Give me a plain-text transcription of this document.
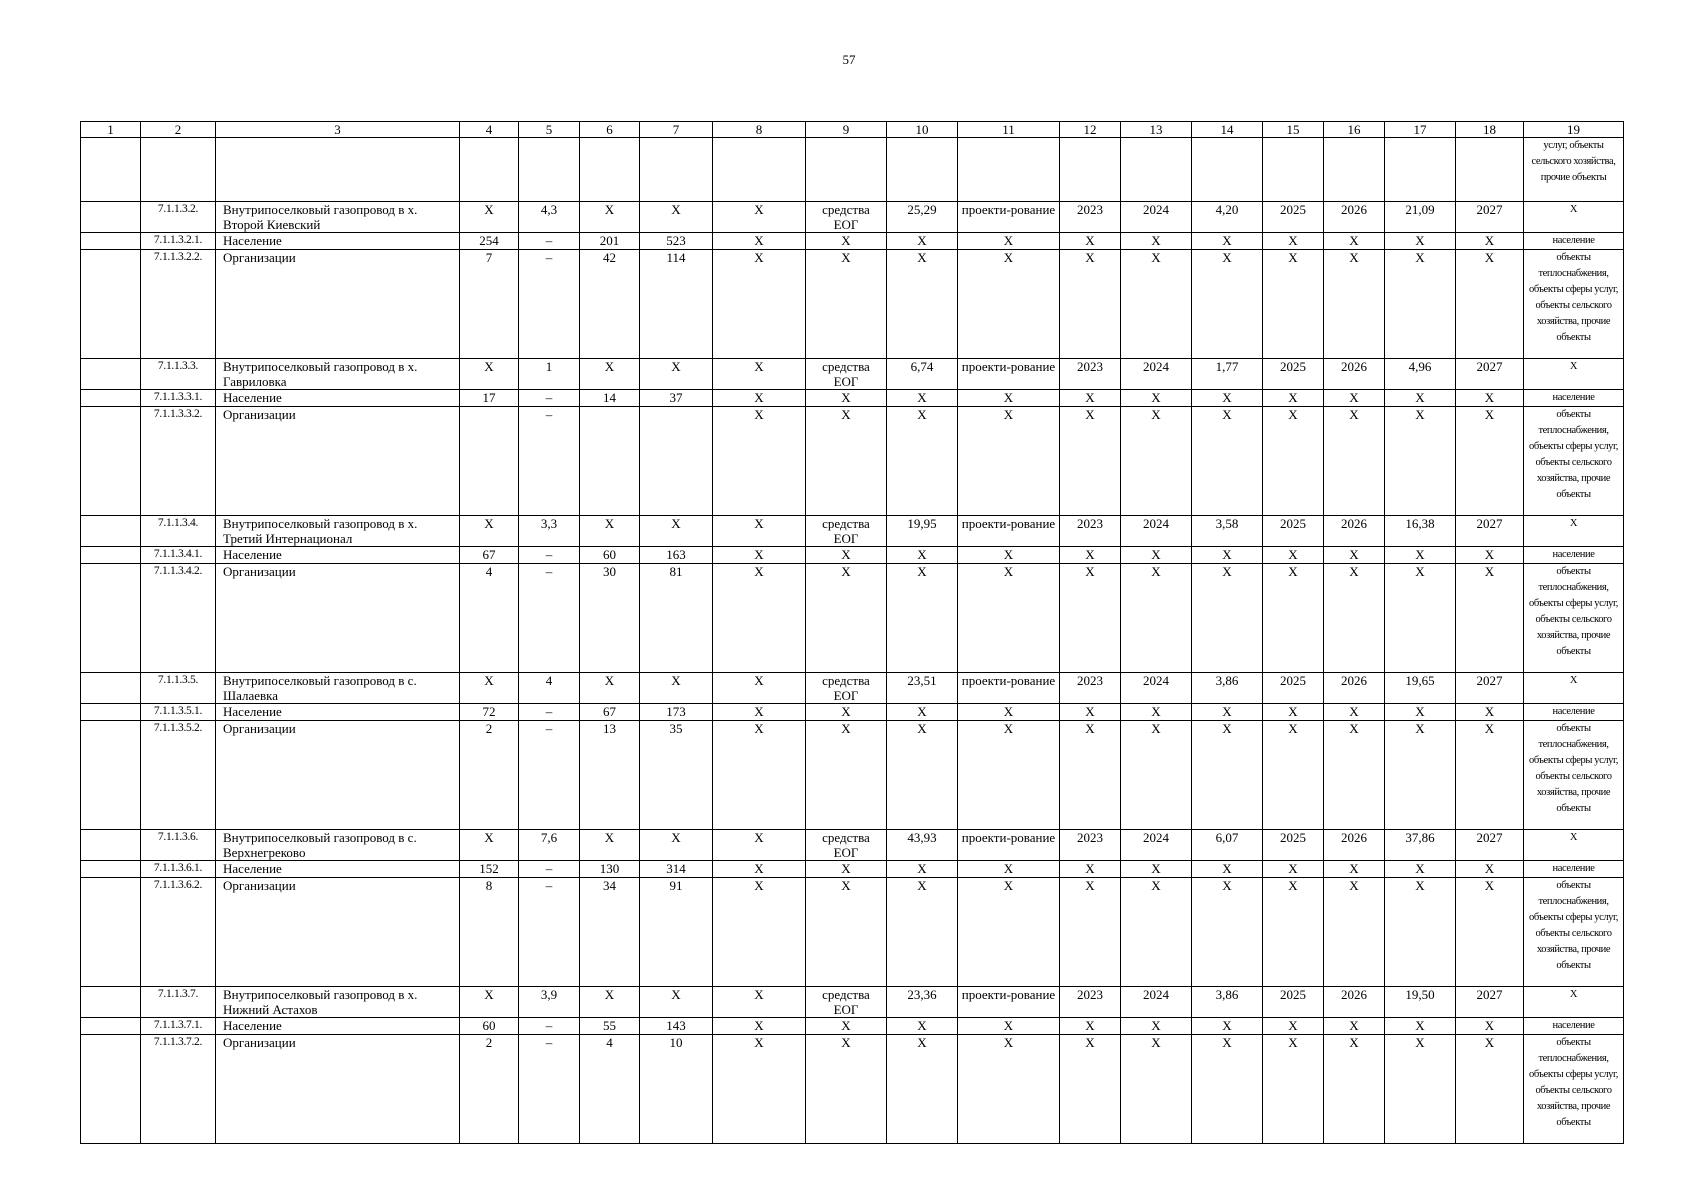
57
1	2	3	4	5	6	7	8	9	10	11	12	13	14	15	16	17	18	19
																		услуг, объекты сельского хозяйства, прочие объекты
	7.1.1.3.2.	Внутрипоселковый газопровод в х. Второй Киевский	X	4,3	X	X	X	средства ЕОГ	25,29	проекти-рование	2023	2024	4,20	2025	2026	21,09	2027	X
	7.1.1.3.2.1.	Население	254	–	201	523	X	X	X	X	X	X	X	X	X	X	X	население
	7.1.1.3.2.2.	Организации	7	–	42	114	X	X	X	X	X	X	X	X	X	X	X	объекты теплоснабжения, объекты сферы услуг, объекты сельского хозяйства, прочие объекты
	7.1.1.3.3.	Внутрипоселковый газопровод в х. Гавриловка	X	1	X	X	X	средства ЕОГ	6,74	проекти-рование	2023	2024	1,77	2025	2026	4,96	2027	X
	7.1.1.3.3.1.	Население	17	–	14	37	X	X	X	X	X	X	X	X	X	X	X	население
	7.1.1.3.3.2.	Организации		–			X	X	X	X	X	X	X	X	X	X	X	объекты теплоснабжения, объекты сферы услуг, объекты сельского хозяйства, прочие объекты
	7.1.1.3.4.	Внутрипоселковый газопровод в х. Третий Интернационал	X	3,3	X	X	X	средства ЕОГ	19,95	проекти-рование	2023	2024	3,58	2025	2026	16,38	2027	X
	7.1.1.3.4.1.	Население	67	–	60	163	X	X	X	X	X	X	X	X	X	X	X	население
	7.1.1.3.4.2.	Организации	4	–	30	81	X	X	X	X	X	X	X	X	X	X	X	объекты теплоснабжения, объекты сферы услуг, объекты сельского хозяйства, прочие объекты
	7.1.1.3.5.	Внутрипоселковый газопровод в с. Шалаевка	X	4	X	X	X	средства ЕОГ	23,51	проекти-рование	2023	2024	3,86	2025	2026	19,65	2027	X
	7.1.1.3.5.1.	Население	72	–	67	173	X	X	X	X	X	X	X	X	X	X	X	население
	7.1.1.3.5.2.	Организации	2	–	13	35	X	X	X	X	X	X	X	X	X	X	X	объекты теплоснабжения, объекты сферы услуг, объекты сельского хозяйства, прочие объекты
	7.1.1.3.6.	Внутрипоселковый газопровод в с. Верхнегреково	X	7,6	X	X	X	средства ЕОГ	43,93	проекти-рование	2023	2024	6,07	2025	2026	37,86	2027	X
	7.1.1.3.6.1.	Население	152	–	130	314	X	X	X	X	X	X	X	X	X	X	X	население
	7.1.1.3.6.2.	Организации	8	–	34	91	X	X	X	X	X	X	X	X	X	X	X	объекты теплоснабжения, объекты сферы услуг, объекты сельского хозяйства, прочие объекты
	7.1.1.3.7.	Внутрипоселковый газопровод в х. Нижний Астахов	X	3,9	X	X	X	средства ЕОГ	23,36	проекти-рование	2023	2024	3,86	2025	2026	19,50	2027	X
	7.1.1.3.7.1.	Население	60	–	55	143	X	X	X	X	X	X	X	X	X	X	X	население
	7.1.1.3.7.2.	Организации	2	–	4	10	X	X	X	X	X	X	X	X	X	X	X	объекты теплоснабжения, объекты сферы услуг, объекты сельского хозяйства, прочие объекты
